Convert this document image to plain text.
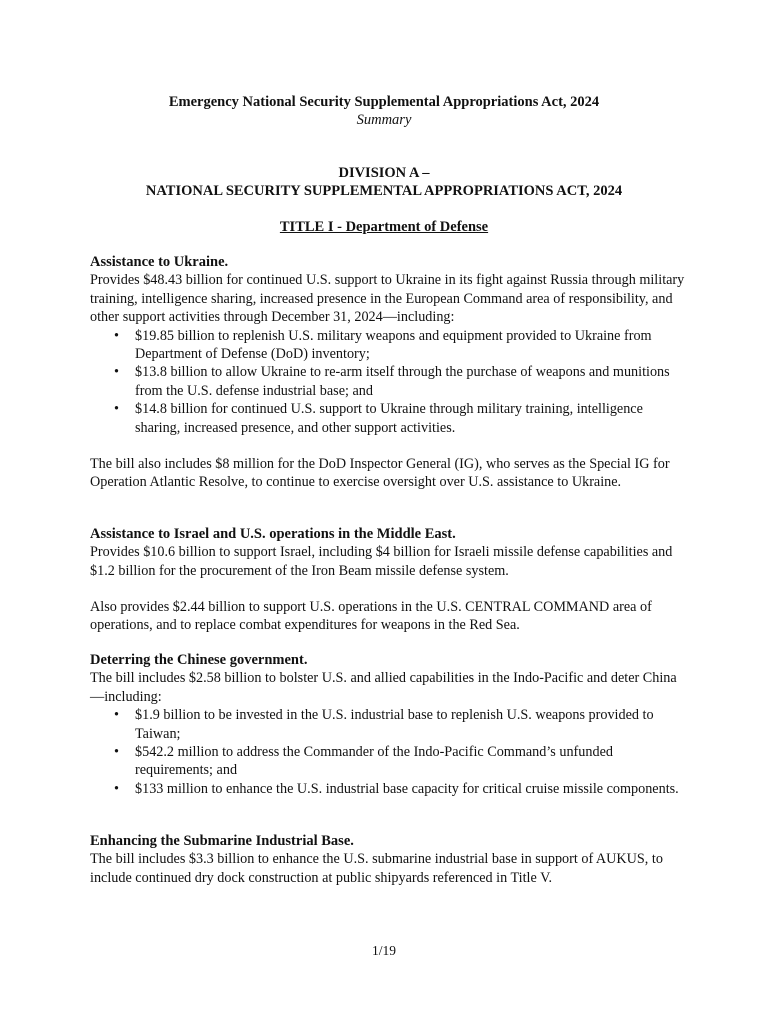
Emergency National Security Supplemental Appropriations Act, 2024
Summary
DIVISION A –
NATIONAL SECURITY SUPPLEMENTAL APPROPRIATIONS ACT, 2024
TITLE I - Department of Defense
Assistance to Ukraine.

Provides $48.43 billion for continued U.S. support to Ukraine in its fight against Russia through military training, intelligence sharing, increased presence in the European Command area of responsibility, and other support activities through December 31, 2024—including:

• $19.85 billion to replenish U.S. military weapons and equipment provided to Ukraine from Department of Defense (DoD) inventory;
• $13.8 billion to allow Ukraine to re-arm itself through the purchase of weapons and munitions from the U.S. defense industrial base; and
• $14.8 billion for continued U.S. support to Ukraine through military training, intelligence sharing, increased presence, and other support activities.

The bill also includes $8 million for the DoD Inspector General (IG), who serves as the Special IG for Operation Atlantic Resolve, to continue to exercise oversight over U.S. assistance to Ukraine.

Assistance to Israel and U.S. operations in the Middle East.

Provides $10.6 billion to support Israel, including $4 billion for Israeli missile defense capabilities and $1.2 billion for the procurement of the Iron Beam missile defense system.

Also provides $2.44 billion to support U.S. operations in the U.S. CENTRAL COMMAND area of operations, and to replace combat expenditures for weapons in the Red Sea.

Deterring the Chinese government.

The bill includes $2.58 billion to bolster U.S. and allied capabilities in the Indo-Pacific and deter China—including:

• $1.9 billion to be invested in the U.S. industrial base to replenish U.S. weapons provided to Taiwan;
• $542.2 million to address the Commander of the Indo-Pacific Command’s unfunded requirements; and
• $133 million to enhance the U.S. industrial base capacity for critical cruise missile components.
Enhancing the Submarine Industrial Base.

The bill includes $3.3 billion to enhance the U.S. submarine industrial base in support of AUKUS, to include continued dry dock construction at public shipyards referenced in Title V.

1/19
